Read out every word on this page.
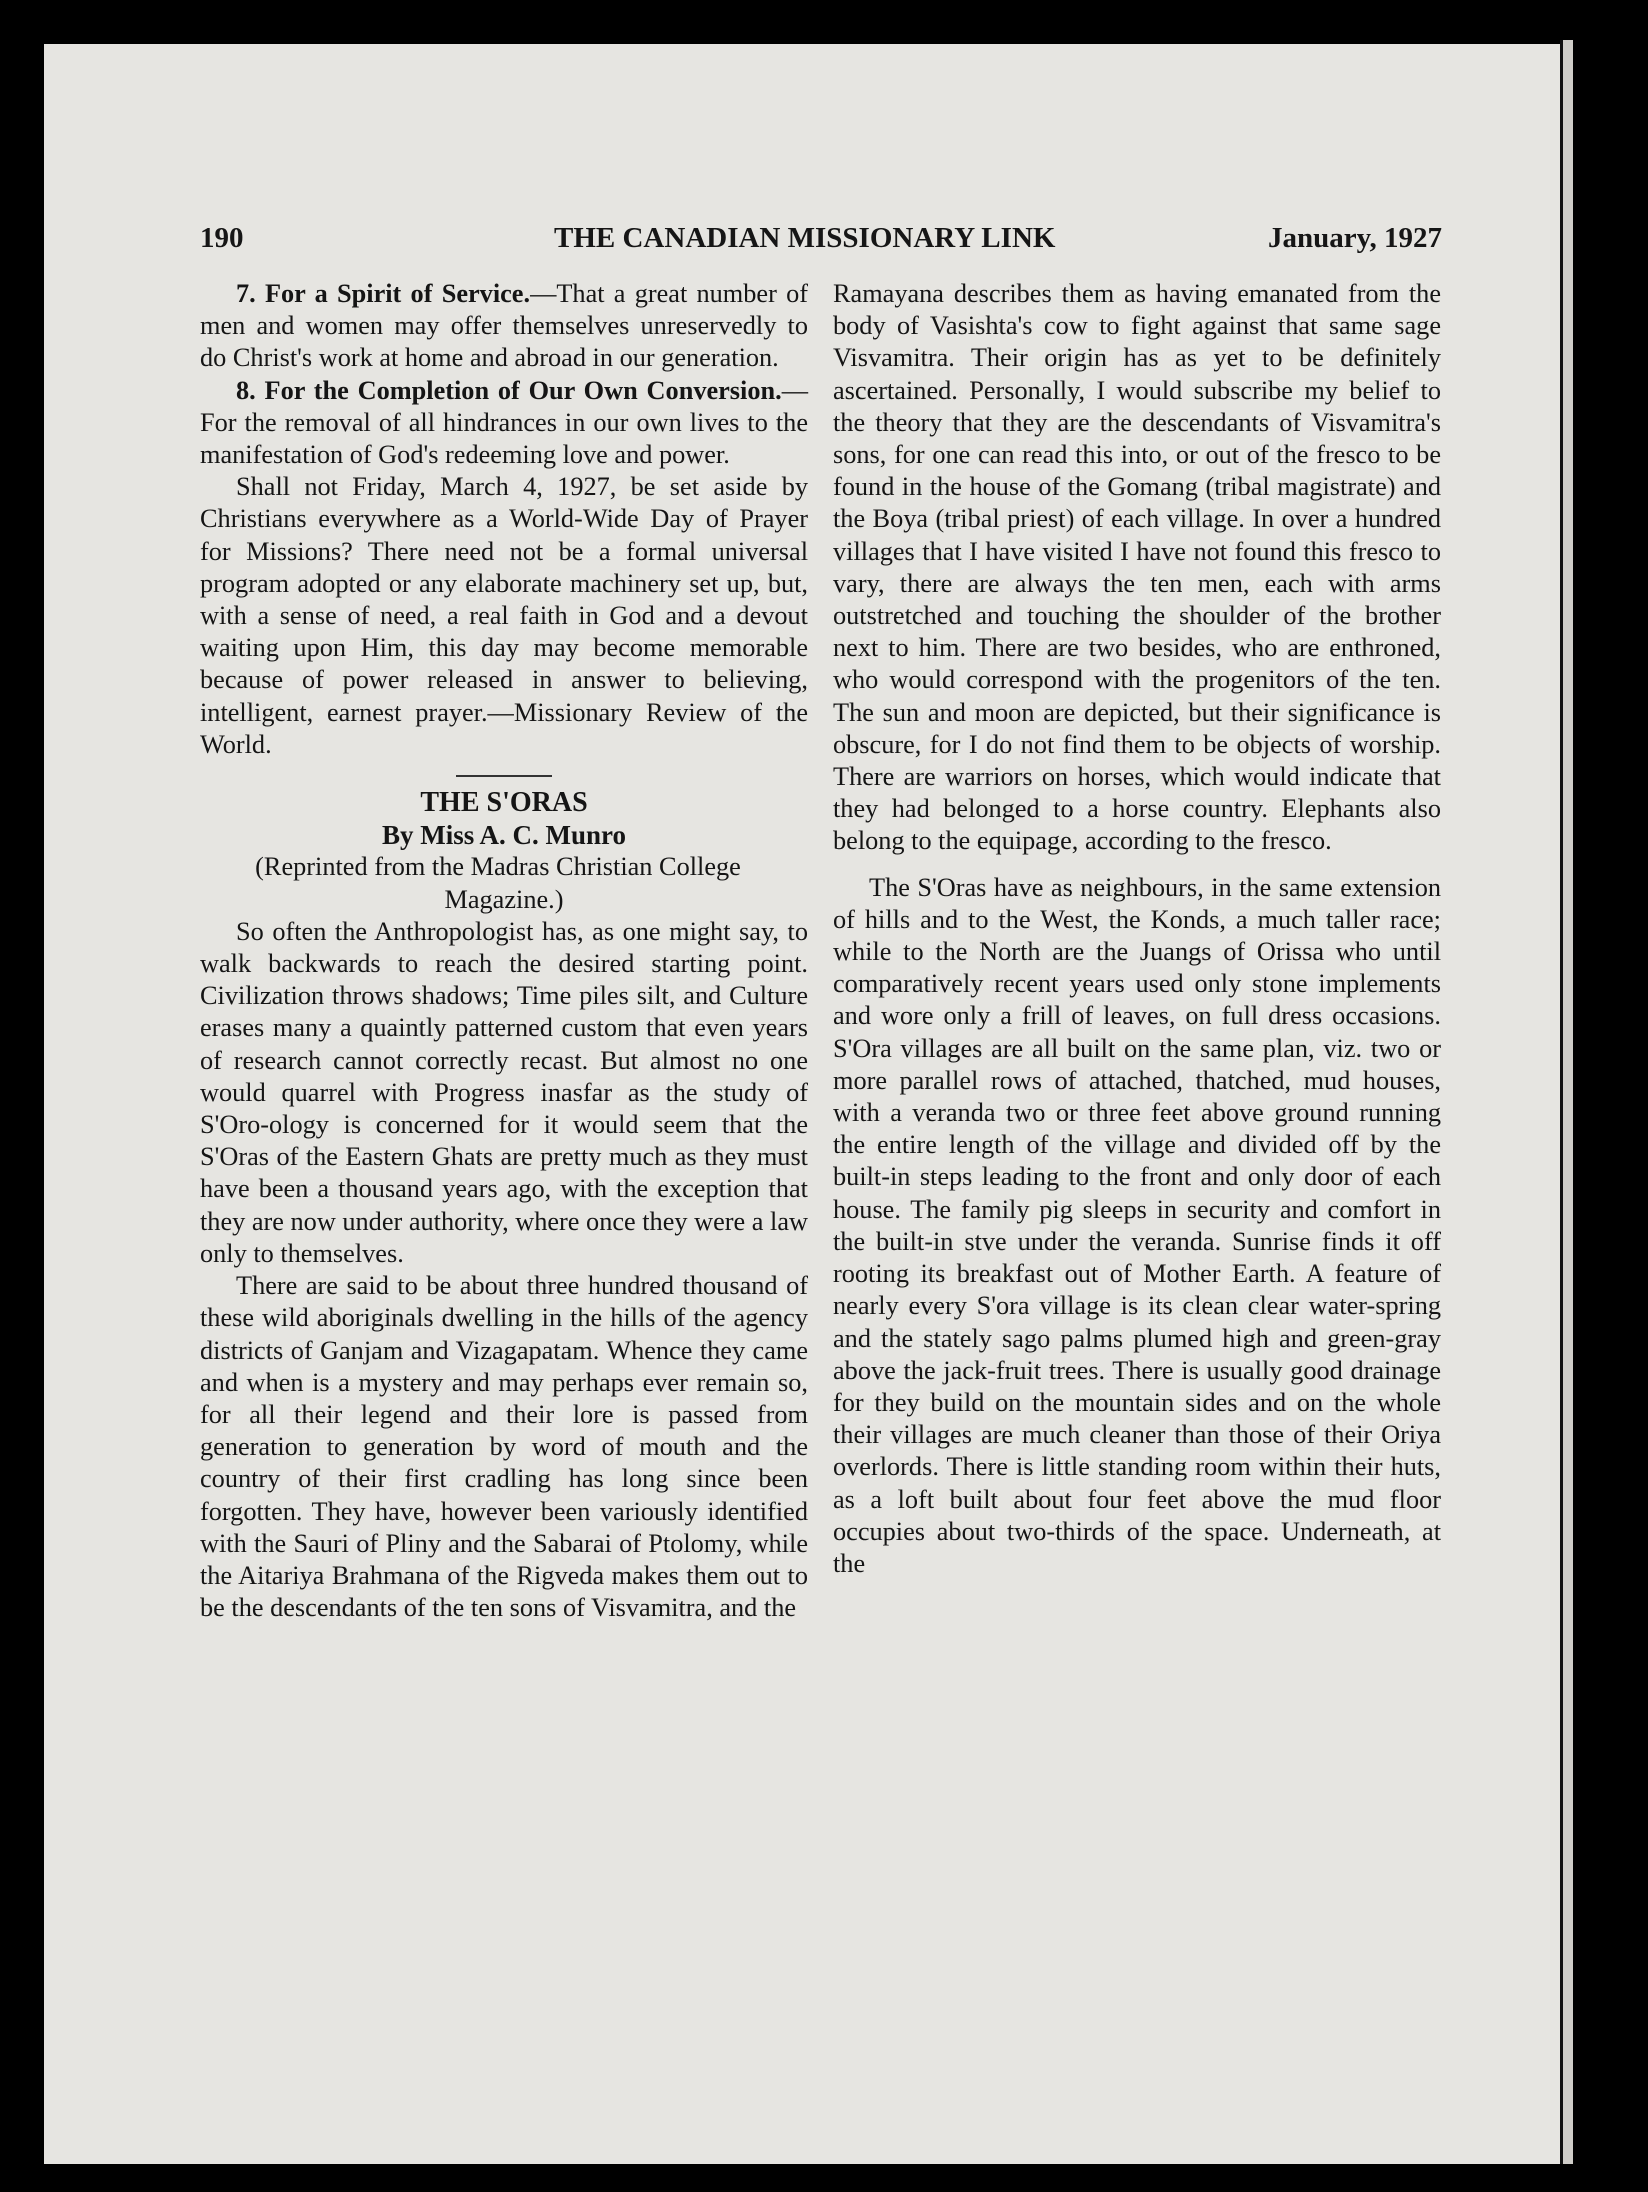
190	THE CANADIAN MISSIONARY LINK	January, 1927

7. For a Spirit of Service.—That a great number of men and women may offer themselves unreservedly to do Christ's work at home and abroad in our generation.

8. For the Completion of Our Own Conversion.—For the removal of all hindrances in our own lives to the manifestation of God's redeeming love and power.

Shall not Friday, March 4, 1927, be set aside by Christians everywhere as a World-Wide Day of Prayer for Missions? There need not be a formal universal program adopted or any elaborate machinery set up, but, with a sense of need, a real faith in God and a devout waiting upon Him, this day may become memorable because of power released in answer to believing, intelligent, earnest prayer.—Missionary Review of the World.

THE S'ORAS

By Miss A. C. Munro

(Reprinted from the Madras Christian College Magazine.)

So often the Anthropologist has, as one might say, to walk backwards to reach the desired starting point. Civilization throws shadows; Time piles silt, and Culture erases many a quaintly patterned custom that even years of research cannot correctly recast. But almost no one would quarrel with Progress inasfar as the study of S'Oro-ology is concerned for it would seem that the S'Oras of the Eastern Ghats are pretty much as they must have been a thousand years ago, with the exception that they are now under authority, where once they were a law only to themselves.

There are said to be about three hundred thousand of these wild aboriginals dwelling in the hills of the agency districts of Ganjam and Vizagapatam. Whence they came and when is a mystery and may perhaps ever remain so, for all their legend and their lore is passed from generation to generation by word of mouth and the country of their first cradling has long since been forgotten. They have, however been variously identified with the Sauri of Pliny and the Sabarai of Ptolomy, while the Aitariya Brahmana of the Rigveda makes them out to be the descendants of the ten sons of Visvamitra, and the

Ramayana describes them as having emanated from the body of Vasishta's cow to fight against that same sage Visvamitra. Their origin has as yet to be definitely ascertained. Personally, I would subscribe my belief to the theory that they are the descendants of Visvamitra's sons, for one can read this into, or out of the fresco to be found in the house of the Gomang (tribal magistrate) and the Boya (tribal priest) of each village. In over a hundred villages that I have visited I have not found this fresco to vary, there are always the ten men, each with arms outstretched and touching the shoulder of the brother next to him. There are two besides, who are enthroned, who would correspond with the progenitors of the ten. The sun and moon are depicted, but their significance is obscure, for I do not find them to be objects of worship. There are warriors on horses, which would indicate that they had belonged to a horse country. Elephants also belong to the equipage, according to the fresco.

The S'Oras have as neighbours, in the same extension of hills and to the West, the Konds, a much taller race; while to the North are the Juangs of Orissa who until comparatively recent years used only stone implements and wore only a frill of leaves, on full dress occasions. S'Ora villages are all built on the same plan, viz. two or more parallel rows of attached, thatched, mud houses, with a veranda two or three feet above ground running the entire length of the village and divided off by the built-in steps leading to the front and only door of each house. The family pig sleeps in security and comfort in the built-in stve under the veranda. Sunrise finds it off rooting its breakfast out of Mother Earth. A feature of nearly every S'ora village is its clean clear water-spring and the stately sago palms plumed high and green-gray above the jack-fruit trees. There is usually good drainage for they build on the mountain sides and on the whole their villages are much cleaner than those of their Oriya overlords. There is little standing room within their huts, as a loft built about four feet above the mud floor occupies about two-thirds of the space. Underneath, at the
